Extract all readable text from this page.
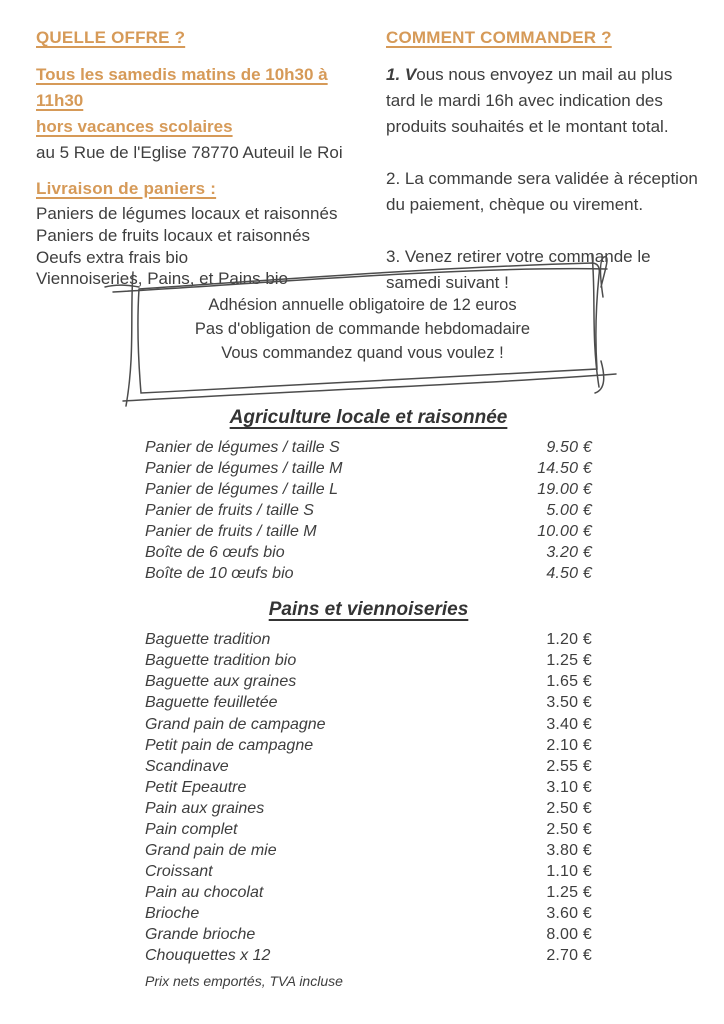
QUELLE OFFRE ?

Tous les samedis matins de 10h30 à 11h30
hors vacances scolaires

au 5 Rue de l'Eglise 78770 Auteuil le Roi

Livraison de paniers :
Paniers de légumes locaux et raisonnés
Paniers de fruits locaux et raisonnés
Oeufs extra frais bio
Viennoiseries, Pains, et Pains bio
COMMENT COMMANDER ?

1. Vous nous envoyez un mail au plus tard le mardi 16h avec indication des produits souhaités et le montant total.

2. La commande sera validée à réception du paiement, chèque ou virement.

3. Venez retirer votre commande le samedi suivant !

Adhésion annuelle obligatoire de 12 euros
Pas d'obligation de commande hebdomadaire
Vous commandez quand vous voulez !
Agriculture locale et raisonnée
Panier de légumes / taille S	9.50 €
Panier de légumes / taille M	14.50 €
Panier de légumes / taille L	19.00 €
Panier de fruits / taille S	5.00 €
Panier de fruits / taille M	10.00 €
Boîte de 6 œufs bio	3.20 €
Boîte de 10 œufs bio	4.50 €
Pains et viennoiseries
Baguette tradition	1.20 €
Baguette tradition bio	1.25 €
Baguette aux graines	1.65 €
Baguette feuilletée	3.50 €
Grand pain de campagne	3.40 €
Petit pain de campagne	2.10 €
Scandinave	2.55 €
Petit Epeautre	3.10 €
Pain aux graines	2.50 €
Pain complet	2.50 €
Grand pain de mie	3.80 €
Croissant	1.10 €
Pain au chocolat	1.25 €
Brioche	3.60 €
Grande brioche	8.00 €
Chouquettes x 12	2.70 €
Prix nets emportés, TVA incluse
